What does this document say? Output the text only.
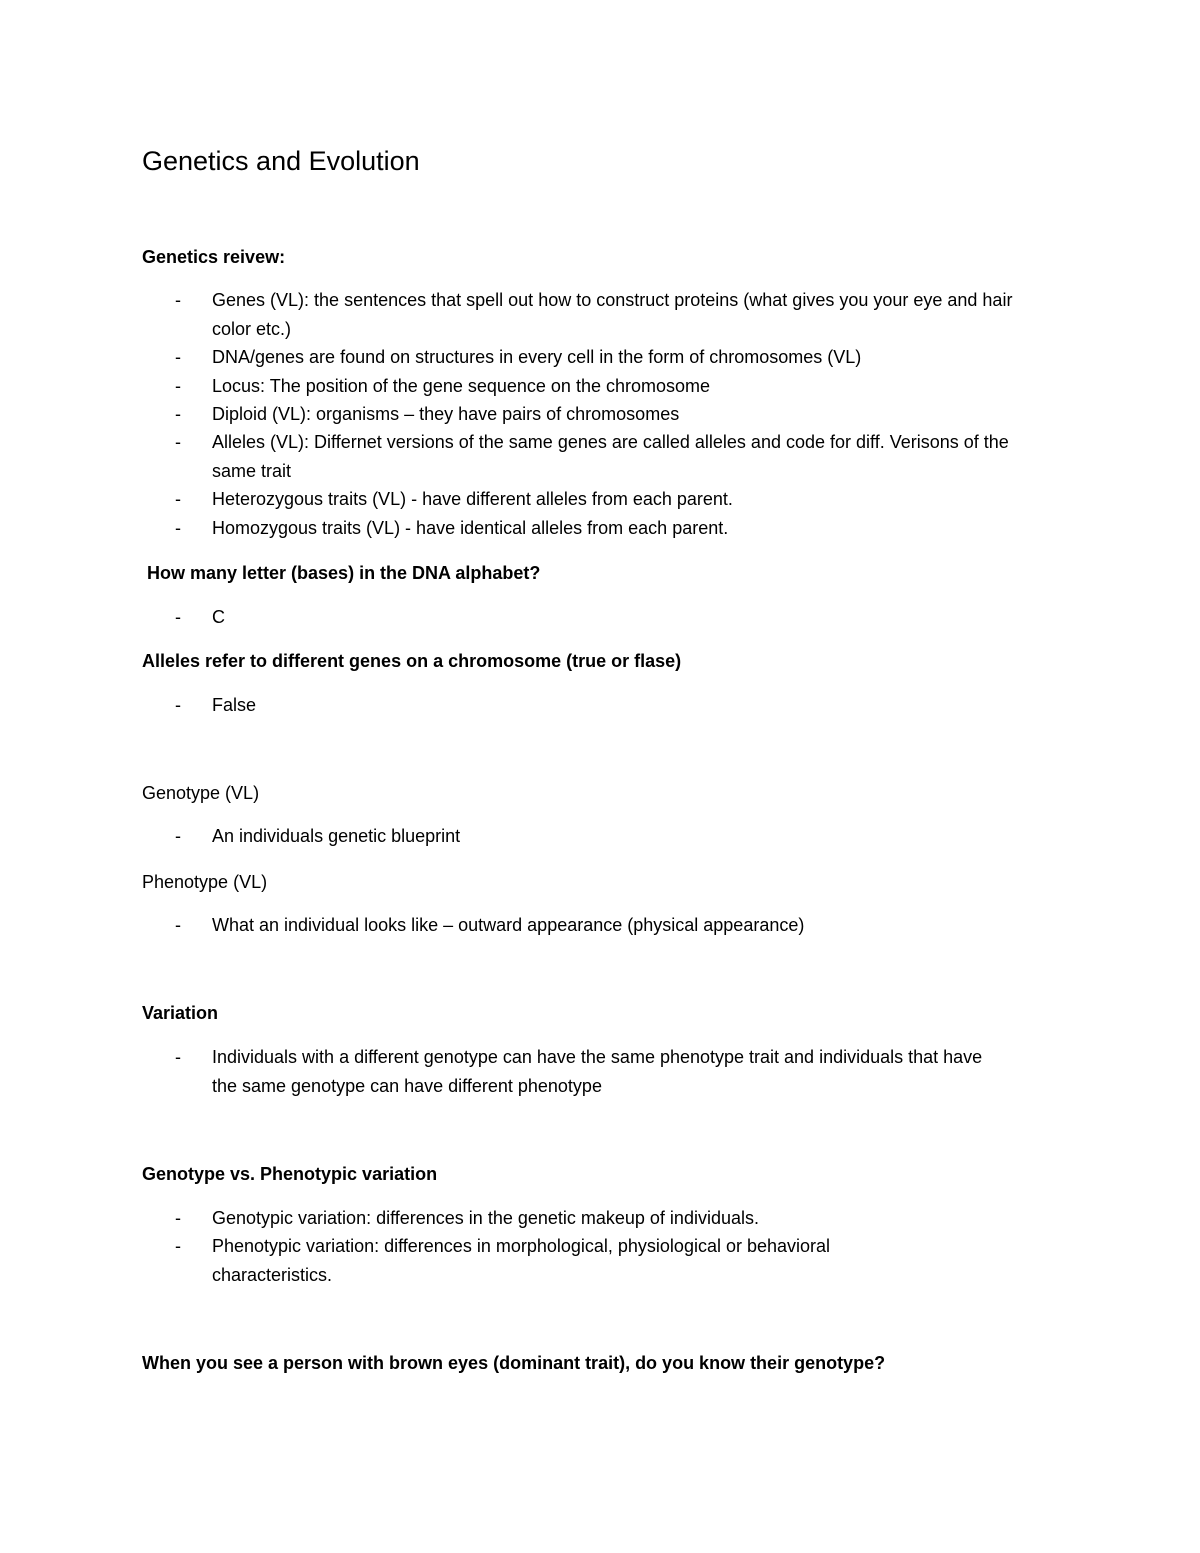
Genetics and Evolution
Genetics reivew:
-	Genes (VL): the sentences that spell out how to construct proteins (what gives you your eye and hair color etc.)
-	DNA/genes are found on structures in every cell in the form of chromosomes (VL)
-	Locus: The position of the gene sequence on the chromosome
-	Diploid (VL): organisms – they have pairs of chromosomes
-	Alleles (VL): Differnet versions of the same genes are called alleles and code for diff. Verisons of the same trait
-	Heterozygous traits (VL) - have different alleles from each parent.
-	Homozygous traits (VL) - have identical alleles from each parent.
How many letter (bases) in the DNA alphabet?
-	C
Alleles refer to different genes on a chromosome (true or flase)
-	False
Genotype (VL)
-	An individuals genetic blueprint
Phenotype (VL)
-	What an individual looks like – outward appearance (physical appearance)
Variation
-	Individuals with a different genotype can have the same phenotype trait and individuals that have the same genotype can have different phenotype
Genotype vs. Phenotypic variation
-	Genotypic variation: differences in the genetic makeup of individuals.
-	Phenotypic variation: differences in morphological, physiological or behavioral characteristics.
When you see a person with brown eyes (dominant trait), do you know their genotype?
